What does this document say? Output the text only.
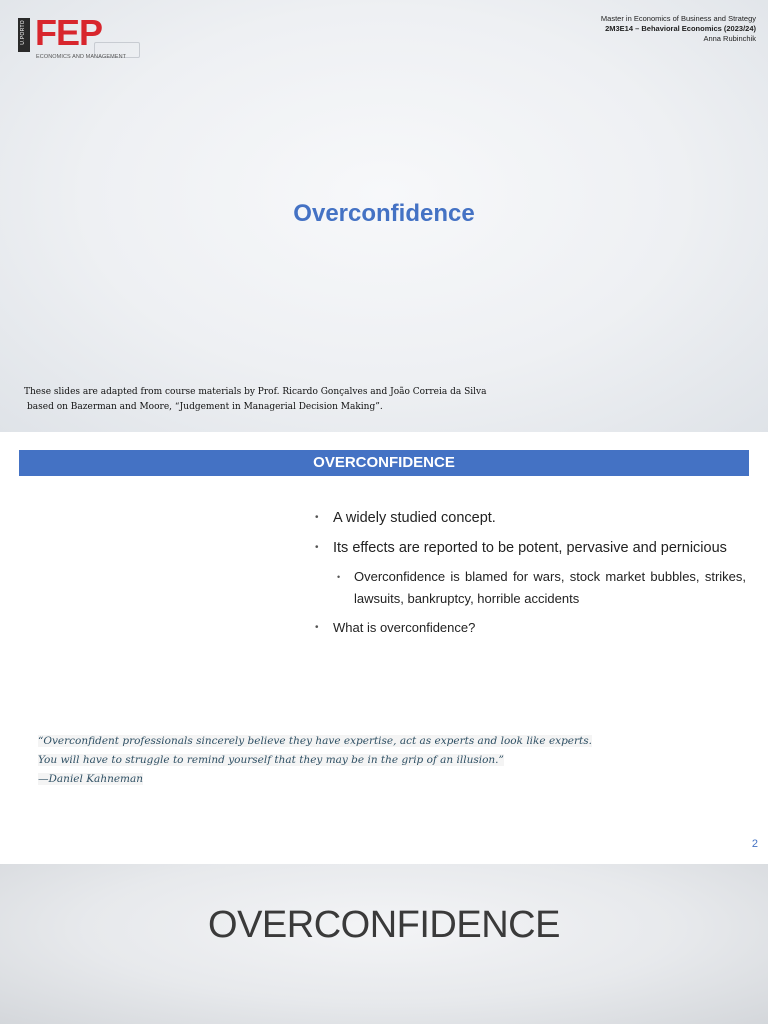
U.PORTO FEP
ECONOMICS AND MANAGEMENT
Master in Economics of Business and Strategy
2M3E14 – Behavioral Economics (2023/24)
Anna Rubinchik
Overconfidence
These slides are adapted from course materials by Prof. Ricardo Gonçalves and João Correia da Silva
based on Bazerman and Moore, “Judgement in Managerial Decision Making”.
OVERCONFIDENCE
• A widely studied concept.
• Its effects are reported to be potent, pervasive and pernicious
• Overconfidence is blamed for wars, stock market bubbles, strikes, lawsuits, bankruptcy, horrible accidents
• What is overconfidence?
“Overconfident professionals sincerely believe they have expertise, act as experts and look like experts.
You will have to struggle to remind yourself that they may be in the grip of an illusion.”
—Daniel Kahneman
2
OVERCONFIDENCE
